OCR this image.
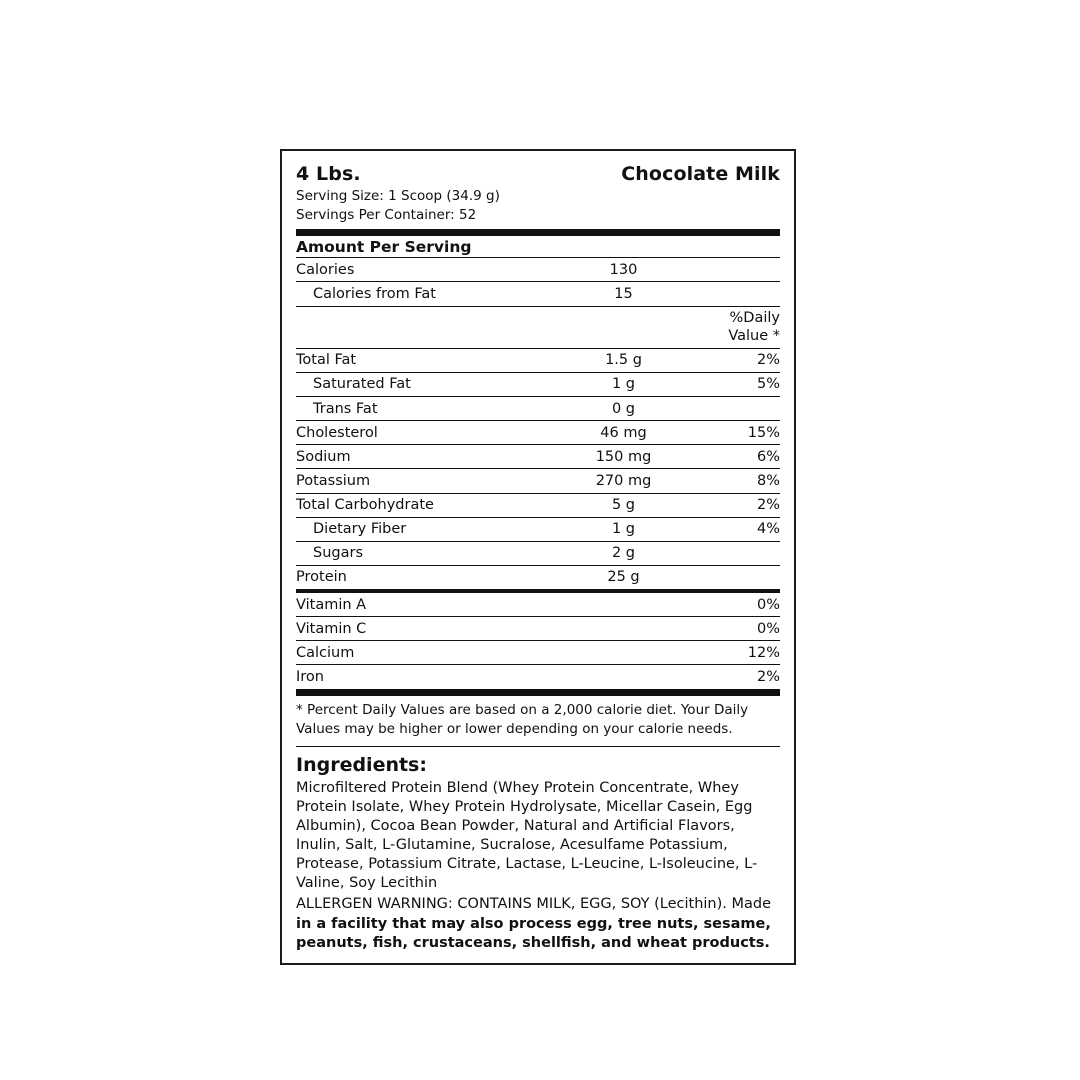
4 Lbs.	Chocolate Milk
Serving Size: 1 Scoop (34.9 g)
Servings Per Container: 52
Amount Per Serving
Calories	130	
Calories from Fat	15	
		%Daily Value *
Total Fat	1.5 g	2%
Saturated Fat	1 g	5%
Trans Fat	0 g	
Cholesterol	46 mg	15%
Sodium	150 mg	6%
Potassium	270 mg	8%
Total Carbohydrate	5 g	2%
Dietary Fiber	1 g	4%
Sugars	2 g	
Protein	25 g	
Vitamin A		0%
Vitamin C		0%
Calcium		12%
Iron		2%
* Percent Daily Values are based on a 2,000 calorie diet. Your Daily Values may be higher or lower depending on your calorie needs.
Ingredients:
Microfiltered Protein Blend (Whey Protein Concentrate, Whey Protein Isolate, Whey Protein Hydrolysate, Micellar Casein, Egg Albumin), Cocoa Bean Powder, Natural and Artificial Flavors, Inulin, Salt, L-Glutamine, Sucralose, Acesulfame Potassium, Protease, Potassium Citrate, Lactase, L-Leucine, L-Isoleucine, L-Valine, Soy Lecithin
ALLERGEN WARNING: CONTAINS MILK, EGG, SOY (Lecithin). Made in a facility that may also process egg, tree nuts, sesame, peanuts, fish, crustaceans, shellfish, and wheat products.
